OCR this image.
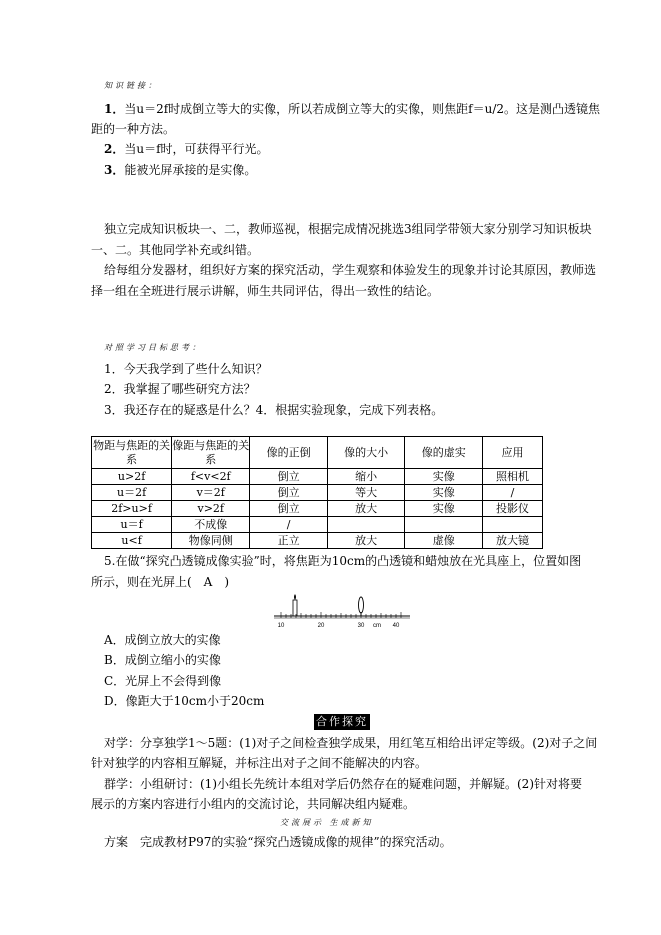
知识链接：
1．当u＝2f时成倒立等大的实像，所以若成倒立等大的实像，则焦距f＝u/2。这是测凸透镜焦
距的一种方法。
2．当u＝f时，可获得平行光。
3．能被光屏承接的是实像。
独立完成知识板块一、二，教师巡视，根据完成情况挑选3组同学带领大家分别学习知识板块
一、二。其他同学补充或纠错。
给每组分发器材，组织好方案的探究活动，学生观察和体验发生的现象并讨论其原因，教师选
择一组在全班进行展示讲解，师生共同评估，得出一致性的结论。
对照学习目标思考：
1．今天我学到了些什么知识？
2．我掌握了哪些研究方法？
3．我还存在的疑惑是什么？4．根据实验现象，完成下列表格。
物距与焦距的关系	像距与焦距的关系	像的正倒	像的大小	像的虚实	应用
u>2f	f<v<2f	倒立	缩小	实像	照相机
u＝2f	v＝2f	倒立	等大	实像	/
2f>u>f	v>2f	倒立	放大	实像	投影仪
u＝f	不成像	/			
u<f	物像同侧	正立	放大	虚像	放大镜
5.在做“探究凸透镜成像实验”时，将焦距为10cm的凸透镜和蜡烛放在光具座上，位置如图
所示，则在光屏上(　A　)
10	20	30 cm 40
A．成倒立放大的实像
B．成倒立缩小的实像
C．光屏上不会得到像
D．像距大于10cm小于20cm
合作探究
对学：分享独学1～5题：(1)对子之间检查独学成果，用红笔互相给出评定等级。(2)对子之间
针对独学的内容相互解疑，并标注出对子之间不能解决的内容。
群学：小组研讨：(1)小组长先统计本组对学后仍然存在的疑难问题，并解疑。(2)针对将要
展示的方案内容进行小组内的交流讨论，共同解决组内疑难。
交流展示 生成新知
方案　完成教材P97的实验“探究凸透镜成像的规律”的探究活动。
